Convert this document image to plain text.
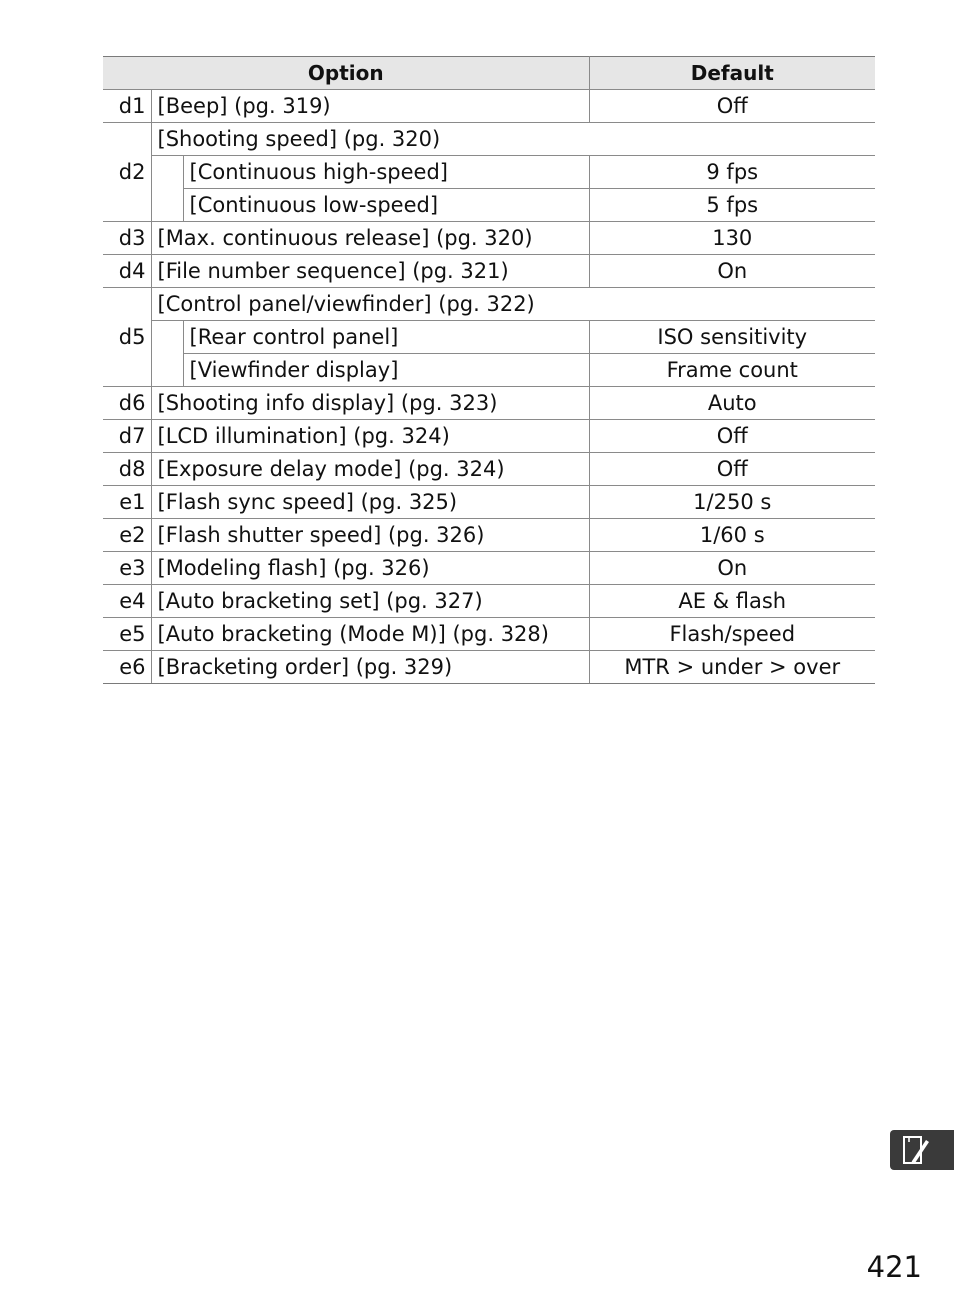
Option			Default
d1	[Beep] (pg. 319)		Off
d2	[Shooting speed] (pg. 320)		
		[Continuous high-speed]	9 fps
		[Continuous low-speed]	5 fps
d3	[Max. continuous release] (pg. 320)		130
d4	[File number sequence] (pg. 321)		On
d5	[Control panel/viewfinder] (pg. 322)		
		[Rear control panel]	ISO sensitivity
		[Viewfinder display]	Frame count
d6	[Shooting info display] (pg. 323)		Auto
d7	[LCD illumination] (pg. 324)		Off
d8	[Exposure delay mode] (pg. 324)		Off
e1	[Flash sync speed] (pg. 325)		1/250 s
e2	[Flash shutter speed] (pg. 326)		1/60 s
e3	[Modeling flash] (pg. 326)		On
e4	[Auto bracketing set] (pg. 327)		AE & flash
e5	[Auto bracketing (Mode M)] (pg. 328)		Flash/speed
e6	[Bracketing order] (pg. 329)		MTR > under > over
421
